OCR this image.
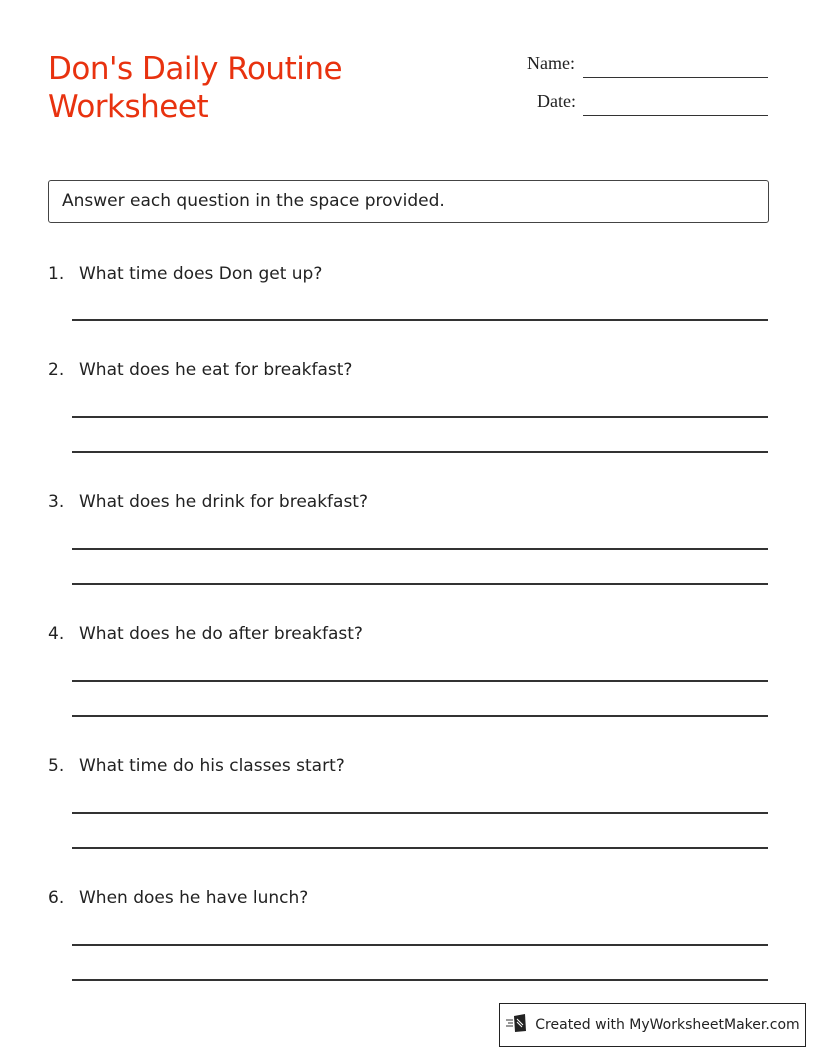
Don's Daily Routine Worksheet
Name:
Date:
Answer each question in the space provided.
1. What time does Don get up?
2. What does he eat for breakfast?
3. What does he drink for breakfast?
4. What does he do after breakfast?
5. What time do his classes start?
6. When does he have lunch?
Created with MyWorksheetMaker.com
